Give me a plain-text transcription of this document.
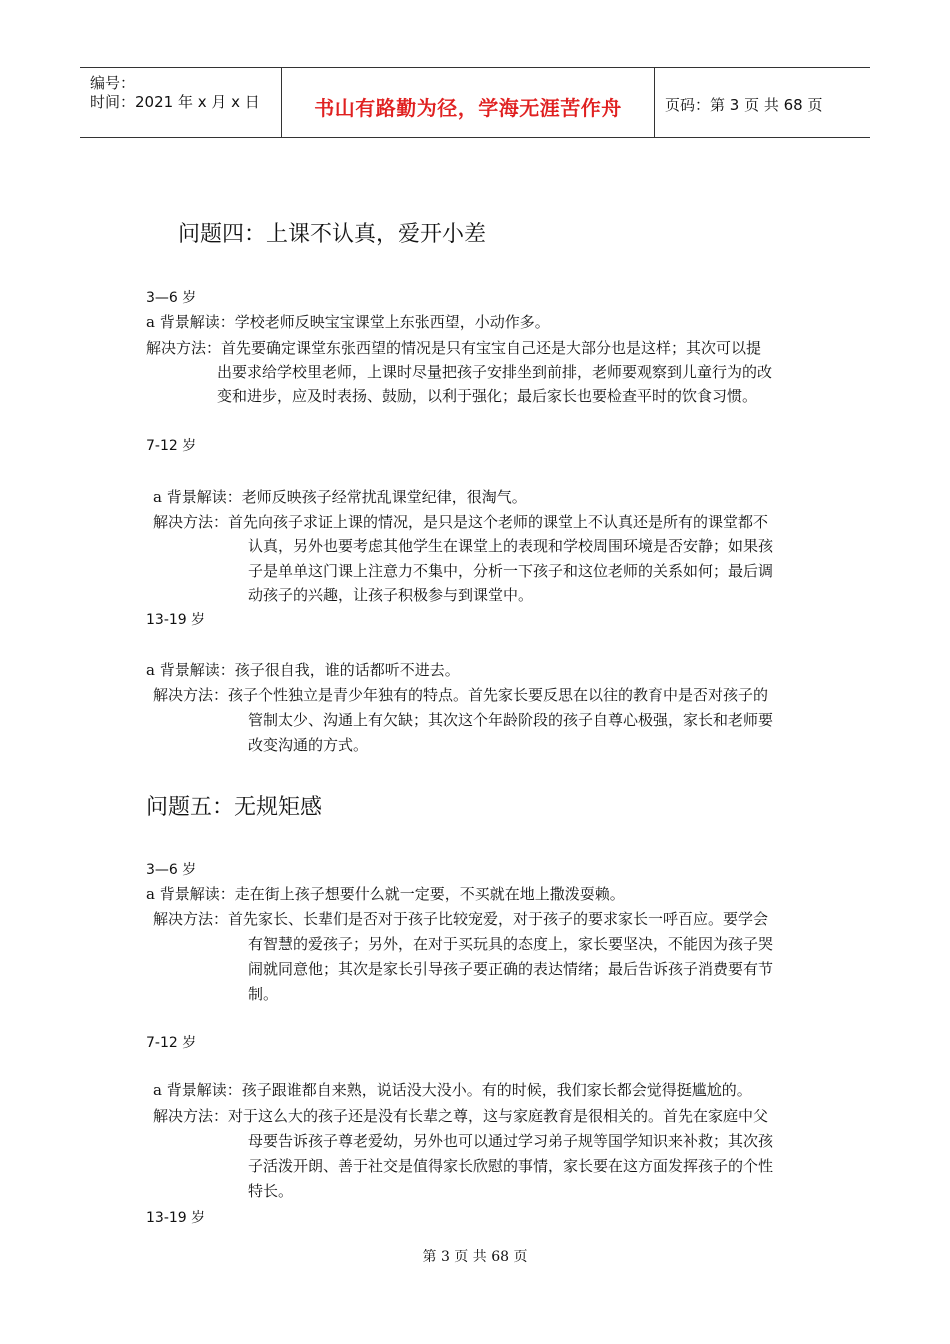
编号：
时间：2021 年 x 月 x 日	书山有路勤为径，学海无涯苦作舟	页码：第 3 页 共 68 页
问题四：上课不认真，爱开小差
3—6 岁
a 背景解读：学校老师反映宝宝课堂上东张西望，小动作多。
解决方法：首先要确定课堂东张西望的情况是只有宝宝自己还是大部分也是这样；其次可以提
出要求给学校里老师，上课时尽量把孩子安排坐到前排，老师要观察到儿童行为的改
变和进步，应及时表扬、鼓励，以利于强化；最后家长也要检查平时的饮食习惯。
7-12 岁
a 背景解读：老师反映孩子经常扰乱课堂纪律，很淘气。
解决方法：首先向孩子求证上课的情况，是只是这个老师的课堂上不认真还是所有的课堂都不
认真，另外也要考虑其他学生在课堂上的表现和学校周围环境是否安静；如果孩
子是单单这门课上注意力不集中，分析一下孩子和这位老师的关系如何；最后调
动孩子的兴趣，让孩子积极参与到课堂中。
13-19 岁
a 背景解读：孩子很自我，谁的话都听不进去。
解决方法：孩子个性独立是青少年独有的特点。首先家长要反思在以往的教育中是否对孩子的
管制太少、沟通上有欠缺；其次这个年龄阶段的孩子自尊心极强，家长和老师要
改变沟通的方式。
问题五：无规矩感
3—6 岁
a 背景解读：走在街上孩子想要什么就一定要，不买就在地上撒泼耍赖。
解决方法：首先家长、长辈们是否对于孩子比较宠爱，对于孩子的要求家长一呼百应。要学会
有智慧的爱孩子；另外，在对于买玩具的态度上，家长要坚决，不能因为孩子哭
闹就同意他；其次是家长引导孩子要正确的表达情绪；最后告诉孩子消费要有节
制。
7-12 岁
a 背景解读：孩子跟谁都自来熟，说话没大没小。有的时候，我们家长都会觉得挺尴尬的。
解决方法：对于这么大的孩子还是没有长辈之尊，这与家庭教育是很相关的。首先在家庭中父
母要告诉孩子尊老爱幼，另外也可以通过学习弟子规等国学知识来补救；其次孩
子活泼开朗、善于社交是值得家长欣慰的事情，家长要在这方面发挥孩子的个性
特长。
13-19 岁
第 3 页 共 68 页
